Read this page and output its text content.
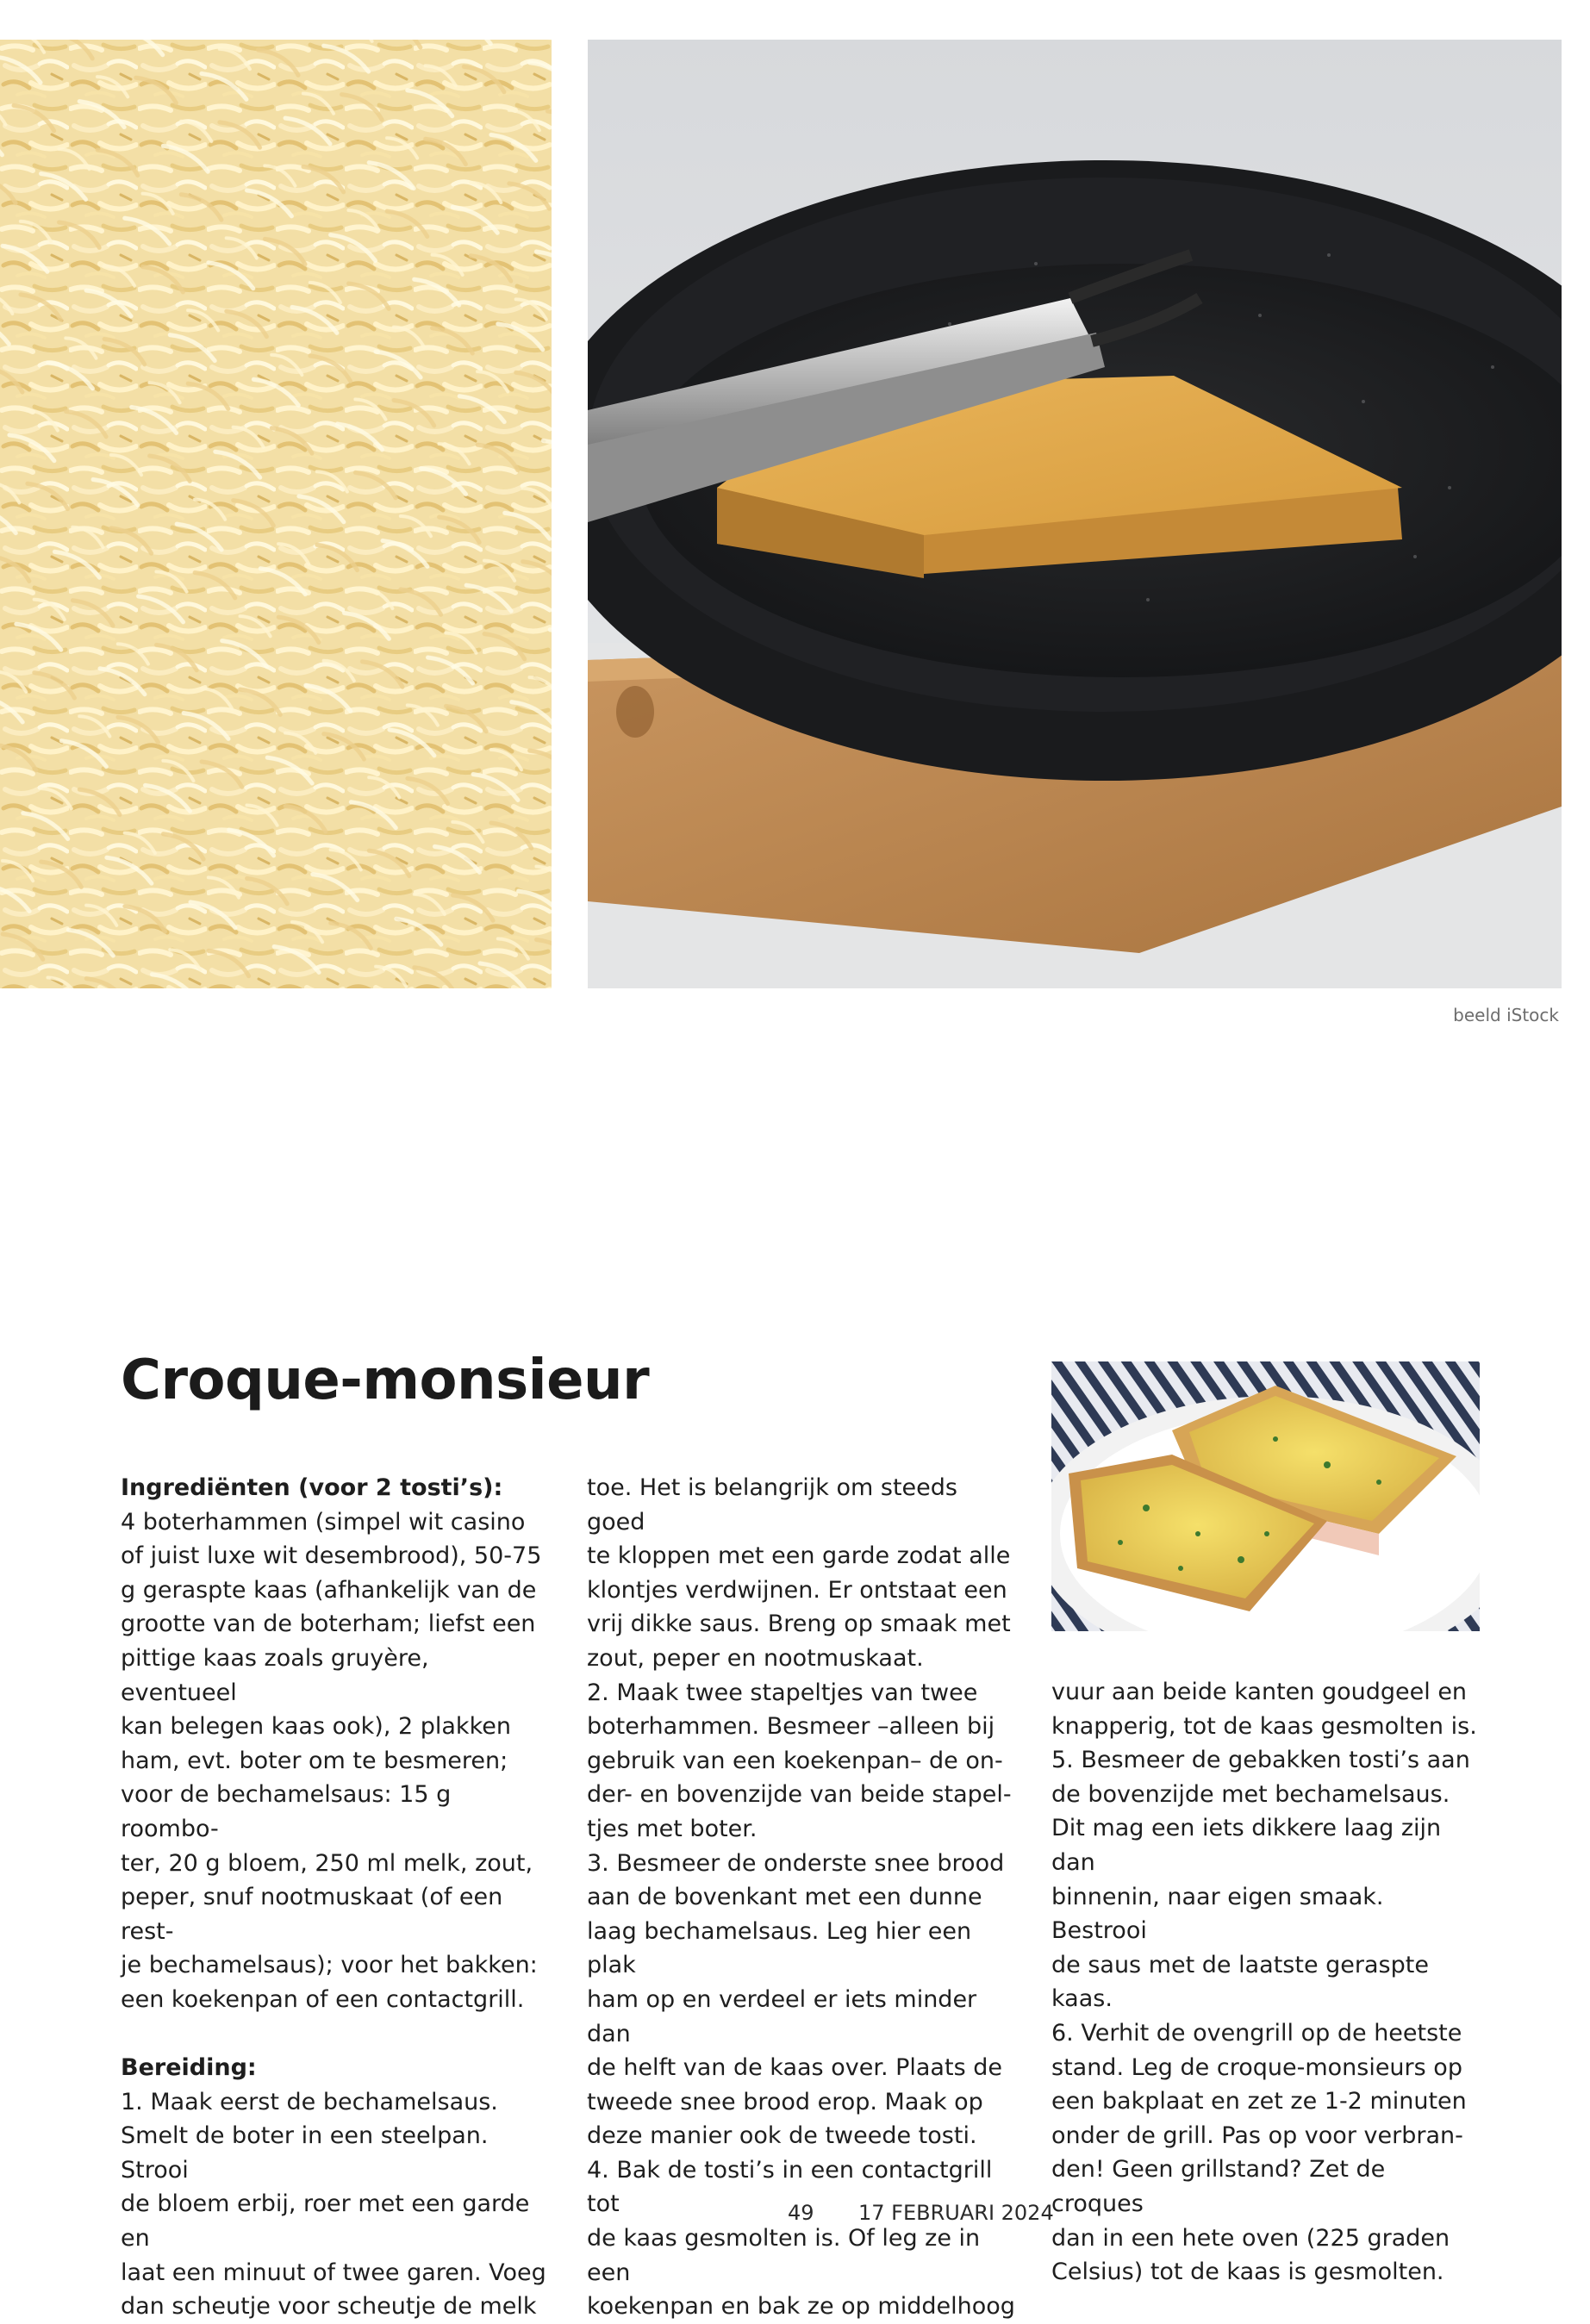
beeld iStock
Croque-monsieur

Ingrediënten (voor 2 tosti’s):

4 boterhammen (simpel wit casino

of juist luxe wit desembrood), 50-75

g geraspte kaas (afhankelijk van de

grootte van de boterham; liefst een

pittige kaas zoals gruyère, eventueel

kan belegen kaas ook), 2 plakken

ham, evt. boter om te besmeren;

voor de bechamelsaus: 15 g roombo-

ter, 20 g bloem, 250 ml melk, zout,

peper, snuf nootmuskaat (of een rest-

je bechamelsaus); voor het bakken:

een koekenpan of een contactgrill.

Bereiding:

1. Maak eerst de bechamelsaus.

Smelt de boter in een steelpan. Strooi

de bloem erbij, roer met een garde en

laat een minuut of twee garen. Voeg

dan scheutje voor scheutje de melk

toe. Het is belangrijk om steeds goed

te kloppen met een garde zodat alle

klontjes verdwijnen. Er ontstaat een

vrij dikke saus. Breng op smaak met

zout, peper en nootmuskaat.

2. Maak twee stapeltjes van twee

boterhammen. Besmeer –alleen bij

gebruik van een koekenpan– de on-

der- en bovenzijde van beide stapel-

tjes met boter.

3. Besmeer de onderste snee brood

aan de bovenkant met een dunne

laag bechamelsaus. Leg hier een plak

ham op en verdeel er iets minder dan

de helft van de kaas over. Plaats de

tweede snee brood erop. Maak op

deze manier ook de tweede tosti.

4. Bak de tosti’s in een contactgrill tot

de kaas gesmolten is. Of leg ze in een

koekenpan en bak ze op middelhoog

vuur aan beide kanten goudgeel en

knapperig, tot de kaas gesmolten is.

5. Besmeer de gebakken tosti’s aan

de bovenzijde met bechamelsaus.

Dit mag een iets dikkere laag zijn dan

binnenin, naar eigen smaak. Bestrooi

de saus met de laatste geraspte kaas.

6. Verhit de ovengrill op de heetste

stand. Leg de croque-monsieurs op

een bakplaat en zet ze 1-2 minuten

onder de grill. Pas op voor verbran-

den! Geen grillstand? Zet de croques

dan in een hete oven (225 graden

Celsius) tot de kaas is gesmolten.

49 17 FEBRUARI 2024
